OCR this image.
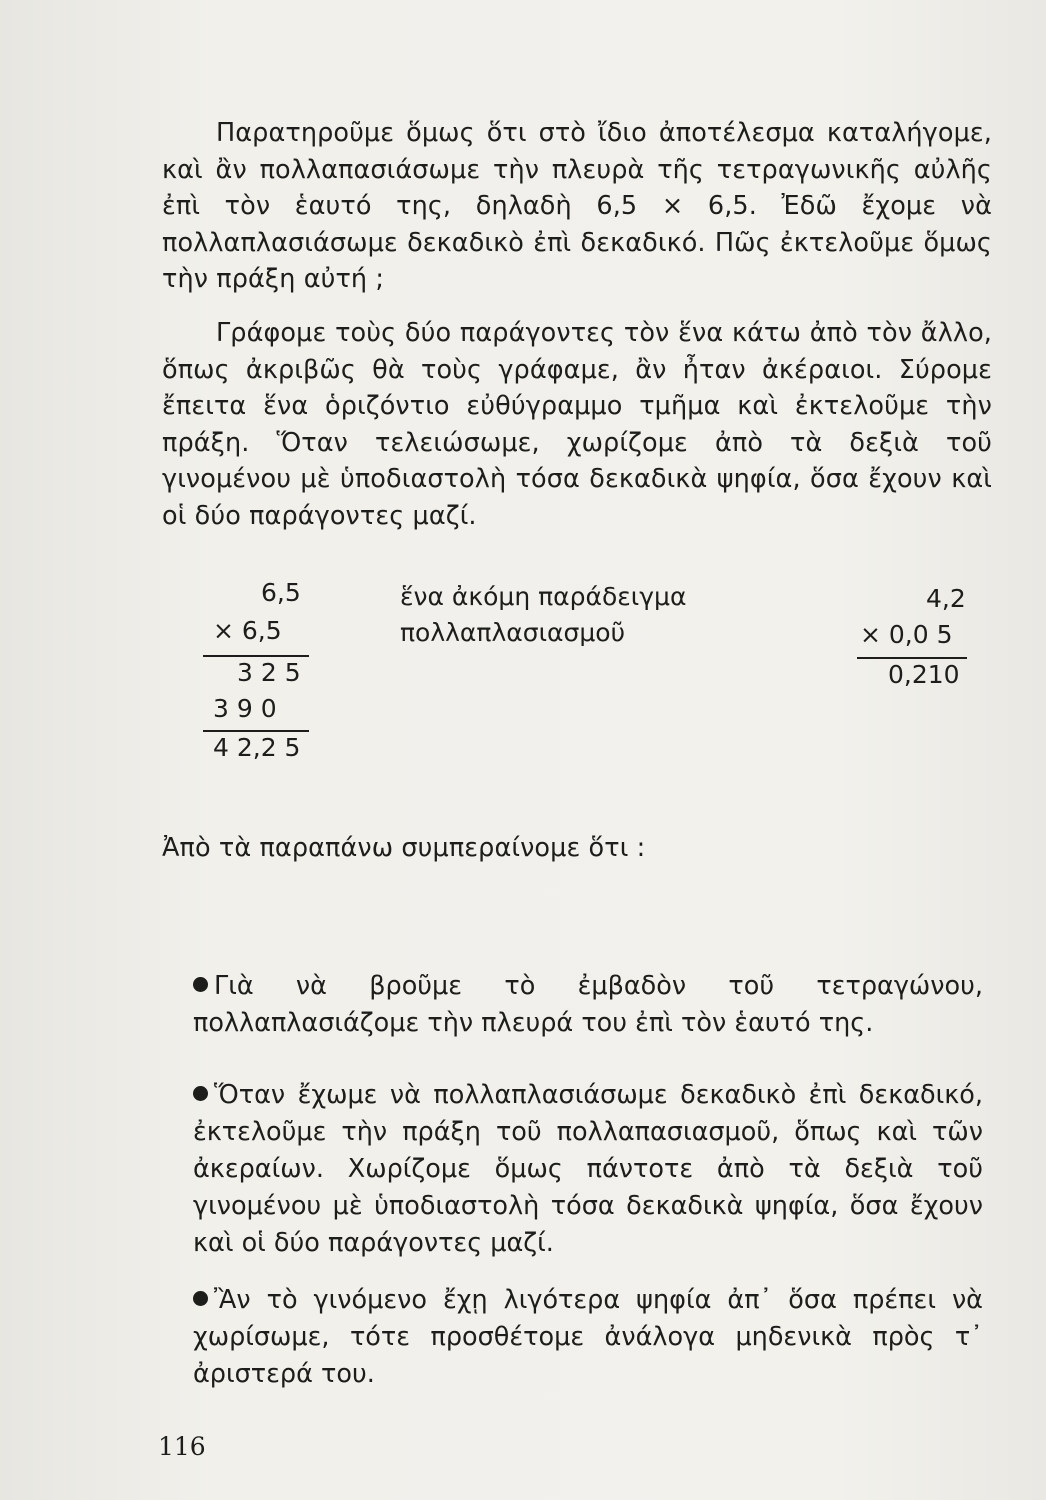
Παρατηροῦμε ὅμως ὅτι στὸ ἴδιο ἀποτέλεσμα καταλήγομε, καὶ ἂν πολλαπασιάσωμε τὴν πλευρὰ τῆς τετραγωνικῆς αὐλῆς ἐπὶ τὸν ἑαυτό της, δηλαδὴ 6,5 × 6,5. Ἐδῶ ἔχομε νὰ πολλαπλασιάσωμε δεκαδικὸ ἐπὶ δεκαδικό. Πῶς ἐκτελοῦμε ὅμως τὴν πράξη αὐτή ;
Γράφομε τοὺς δύο παράγοντες τὸν ἕνα κάτω ἀπὸ τὸν ἄλλο, ὅπως ἀκριβῶς θὰ τοὺς γράφαμε, ἂν ἦταν ἀκέραιοι. Σύρομε ἔπειτα ἕνα ὁριζόντιο εὐθύγραμμο τμῆμα καὶ ἐκτελοῦμε τὴν πράξη. Ὅταν τελειώσωμε, χωρίζομε ἀπὸ τὰ δεξιὰ τοῦ γινομένου μὲ ὑποδιαστολὴ τόσα δεκαδικὰ ψηφία, ὅσα ἔχουν καὶ οἱ δύο παράγοντες μαζί.
6,5
× 6,5
3 2 5
3 9 0
4 2,2 5
ἕνα ἀκόμη παράδειγμα
πολλαπλασιασμοῦ
4,2
× 0,0 5
0,210
Ἀπὸ τὰ παραπάνω συμπεραίνομε ὅτι :
Γιὰ νὰ βροῦμε τὸ ἐμβαδὸν τοῦ τετραγώνου, πολλαπλασιάζομε τὴν πλευρά του ἐπὶ τὸν ἑαυτό της.
Ὅταν ἔχωμε νὰ πολλαπλασιάσωμε δεκαδικὸ ἐπὶ δεκαδικό, ἐκτελοῦμε τὴν πράξη τοῦ πολλαπασιασμοῦ, ὅπως καὶ τῶν ἀκεραίων. Χωρίζομε ὅμως πάντοτε ἀπὸ τὰ δεξιὰ τοῦ γινομένου μὲ ὑποδιαστολὴ τόσα δεκαδικὰ ψηφία, ὅσα ἔχουν καὶ οἱ δύο παράγοντες μαζί.
Ἂν τὸ γινόμενο ἔχῃ λιγότερα ψηφία ἀπ᾽ ὅσα πρέπει νὰ χωρίσωμε, τότε προσθέτομε ἀνάλογα μηδενικὰ πρὸς τ᾽ ἀριστερά του.
116
